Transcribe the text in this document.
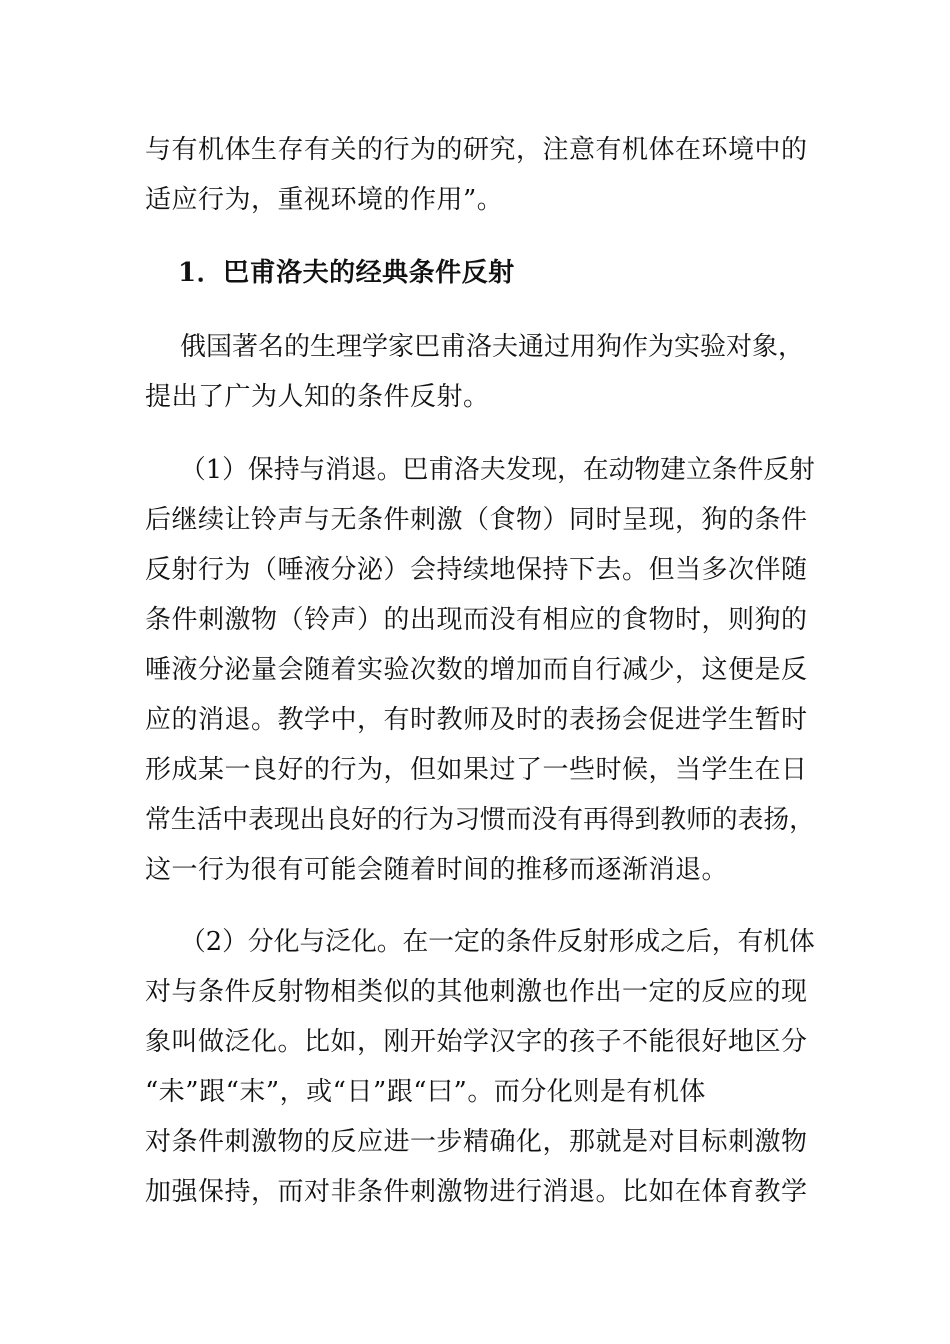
与有机体生存有关的行为的研究，注意有机体在环境中的
适应行为，重视环境的作用”。
1．巴甫洛夫的经典条件反射
俄国著名的生理学家巴甫洛夫通过用狗作为实验对象，
提出了广为人知的条件反射。
（1）保持与消退。巴甫洛夫发现，在动物建立条件反射
后继续让铃声与无条件刺激（食物）同时呈现，狗的条件
反射行为（唾液分泌）会持续地保持下去。但当多次伴随
条件刺激物（铃声）的出现而没有相应的食物时，则狗的
唾液分泌量会随着实验次数的增加而自行减少，这便是反
应的消退。教学中，有时教师及时的表扬会促进学生暂时
形成某一良好的行为，但如果过了一些时候，当学生在日
常生活中表现出良好的行为习惯而没有再得到教师的表扬，
这一行为很有可能会随着时间的推移而逐渐消退。
（2）分化与泛化。在一定的条件反射形成之后，有机体
对与条件反射物相类似的其他刺激也作出一定的反应的现
象叫做泛化。比如，刚开始学汉字的孩子不能很好地区分
“未”跟“末”，或“日”跟“曰”。而分化则是有机体
对条件刺激物的反应进一步精确化，那就是对目标刺激物
加强保持，而对非条件刺激物进行消退。比如在体育教学
